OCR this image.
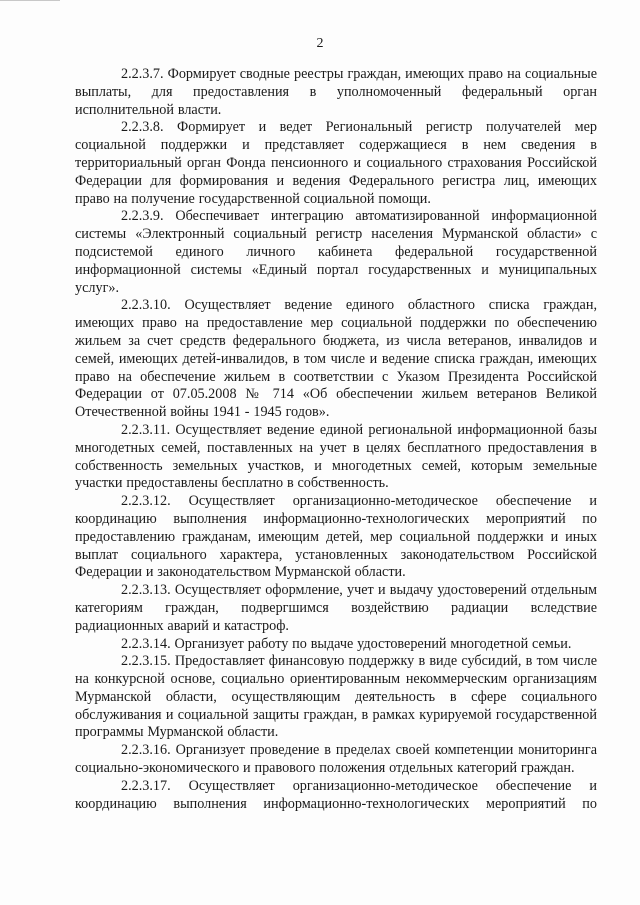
2

2.2.3.7. Формирует сводные реестры граждан, имеющих право на социальные выплаты, для предоставления в уполномоченный федеральный орган исполнительной власти.

2.2.3.8. Формирует и ведет Региональный регистр получателей мер социальной поддержки и представляет содержащиеся в нем сведения в территориальный орган Фонда пенсионного и социального страхования Российской Федерации для формирования и ведения Федерального регистра лиц, имеющих право на получение государственной социальной помощи.

2.2.3.9. Обеспечивает интеграцию автоматизированной информационной системы «Электронный социальный регистр населения Мурманской области» с подсистемой единого личного кабинета федеральной государственной информационной системы «Единый портал государственных и муниципальных услуг».

2.2.3.10. Осуществляет ведение единого областного списка граждан, имеющих право на предоставление мер социальной поддержки по обеспечению жильем за счет средств федерального бюджета, из числа ветеранов, инвалидов и семей, имеющих детей-инвалидов, в том числе и ведение списка граждан, имеющих право на обеспечение жильем в соответствии с Указом Президента Российской Федерации от 07.05.2008 № 714 «Об обеспечении жильем ветеранов Великой Отечественной войны 1941 - 1945 годов».

2.2.3.11. Осуществляет ведение единой региональной информационной базы многодетных семей, поставленных на учет в целях бесплатного предоставления в собственность земельных участков, и многодетных семей, которым земельные участки предоставлены бесплатно в собственность.

2.2.3.12. Осуществляет организационно-методическое обеспечение и координацию выполнения информационно-технологических мероприятий по предоставлению гражданам, имеющим детей, мер социальной поддержки и иных выплат социального характера, установленных законодательством Российской Федерации и законодательством Мурманской области.

2.2.3.13. Осуществляет оформление, учет и выдачу удостоверений отдельным категориям граждан, подвергшимся воздействию радиации вследствие радиационных аварий и катастроф.

2.2.3.14. Организует работу по выдаче удостоверений многодетной семьи.

2.2.3.15. Предоставляет финансовую поддержку в виде субсидий, в том числе на конкурсной основе, социально ориентированным некоммерческим организациям Мурманской области, осуществляющим деятельность в сфере социального обслуживания и социальной защиты граждан, в рамках курируемой государственной программы Мурманской области.

2.2.3.16. Организует проведение в пределах своей компетенции мониторинга социально-экономического и правового положения отдельных категорий граждан.

2.2.3.17. Осуществляет организационно-методическое обеспечение и координацию выполнения информационно-технологических мероприятий по
